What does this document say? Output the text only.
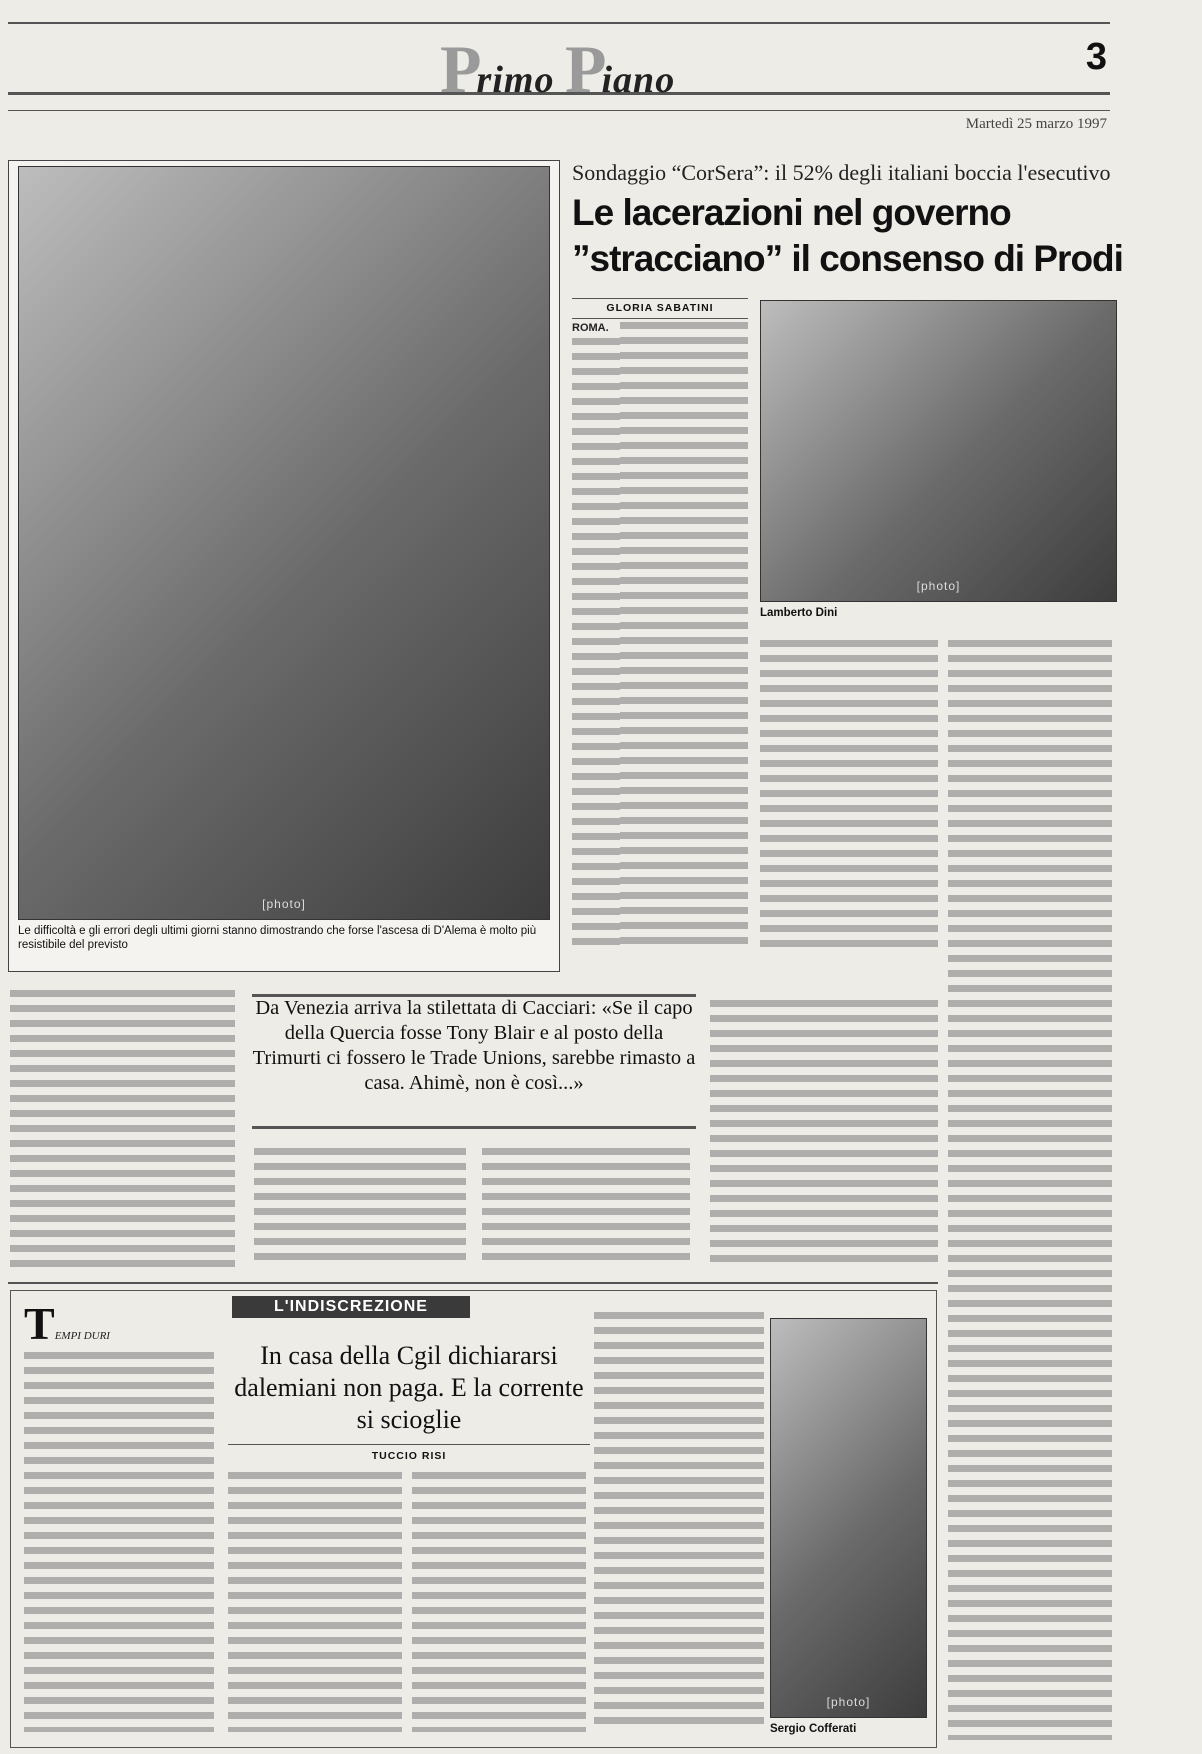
Primo Piano
3
Martedì 25 marzo 1997
[photo]
Le difficoltà e gli errori degli ultimi giorni stanno dimostrando che forse l'ascesa di D'Alema è molto più resistibile del previsto
Sondaggio “CorSera”: il 52% degli italiani boccia l'esecutivo
Le lacerazioni nel governo ”stracciano” il consenso di Prodi
GLORIA SABATINI
ROMA.
[photo]
Lamberto Dini
Da Venezia arriva la stilettata di Cacciari: «Se il capo della Quercia fosse Tony Blair e al posto della Trimurti ci fossero le Trade Unions, sarebbe rimasto a casa. Ahimè, non è così...»
TEMPI DURI
L'INDISCREZIONE
In casa della Cgil dichiararsi dalemiani non paga. E la corrente si scioglie
TUCCIO RISI
[photo]
Sergio Cofferati
